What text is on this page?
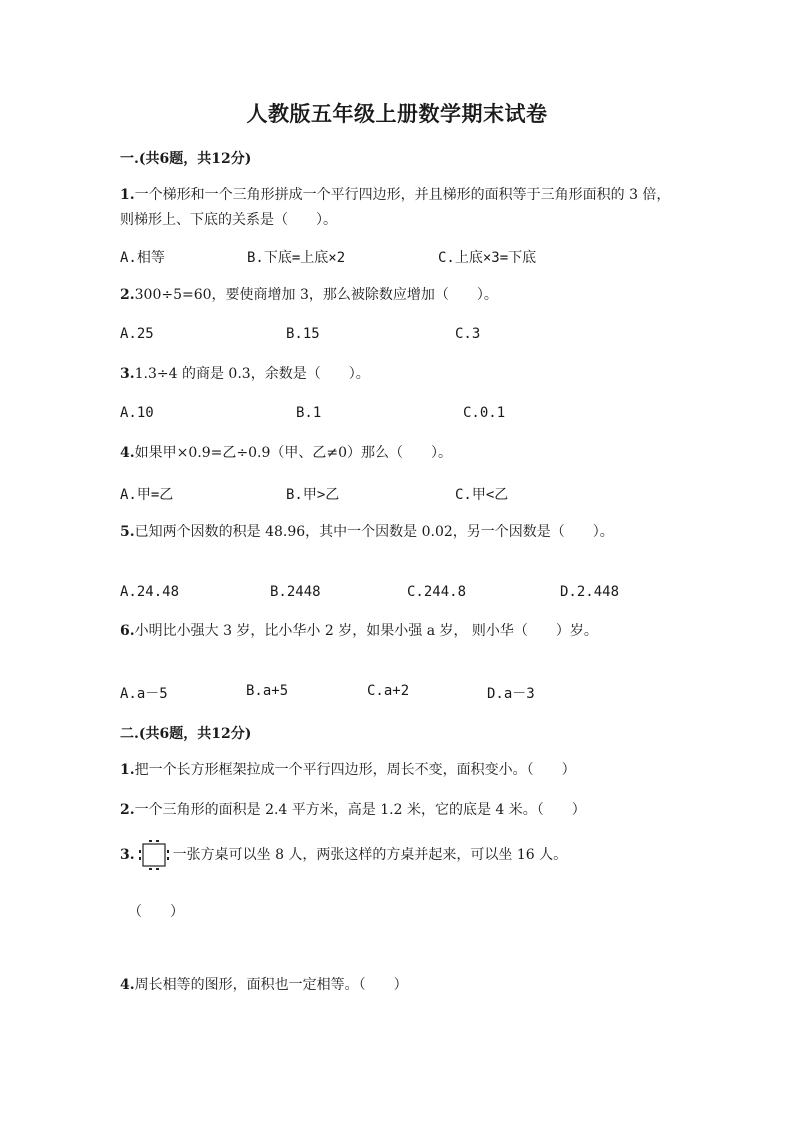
人教版五年级上册数学期末试卷
一.(共6题，共12分)
1.一个梯形和一个三角形拼成一个平行四边形，并且梯形的面积等于三角形面积的 3 倍，则梯形上、下底的关系是（　　）。
A.相等	B.下底=上底×2	C.上底×3=下底
2.300÷5=60，要使商增加 3，那么被除数应增加（　　）。
A.25	B.15	C.3
3.1.3÷4 的商是 0.3，余数是（　　）。
A.10	B.1	C.0.1
4.如果甲×0.9=乙÷0.9（甲、乙≠0）那么（　　）。
A.甲=乙	B.甲>乙	C.甲<乙
5.已知两个因数的积是 48.96，其中一个因数是 0.02，另一个因数是（　　）。
A.24.48	B.2448	C.244.8	D.2.448
6.小明比小强大 3 岁，比小华小 2 岁，如果小强 a 岁， 则小华（　　）岁。
A.a－5	B.a+5	C.a+2	D.a－3
二.(共6题，共12分)
1.把一个长方形框架拉成一个平行四边形，周长不变，面积变小。（　　）
2.一个三角形的面积是 2.4 平方米，高是 1.2 米，它的底是 4 米。（　　）
3.	一张方桌可以坐 8 人，两张这样的方桌并起来，可以坐 16 人。
（　　）
4.周长相等的图形，面积也一定相等。（　　）
